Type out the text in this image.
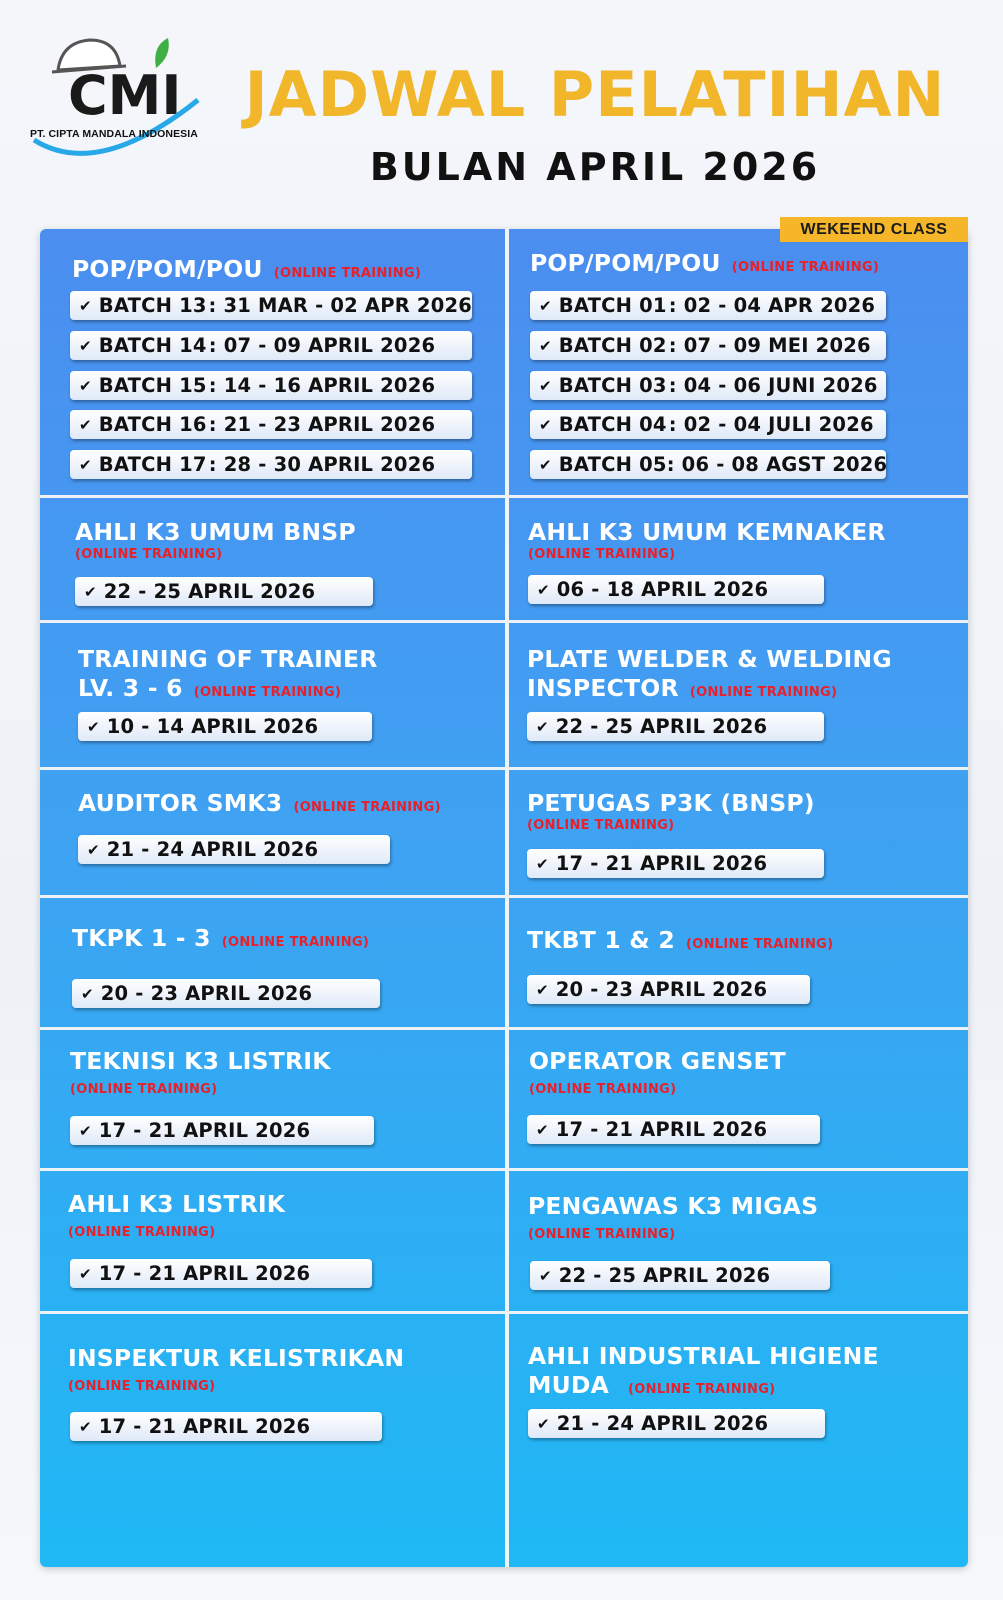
CMI
PT. CIPTA MANDALA INDONESIA
JADWAL PELATIHAN
BULAN APRIL 2026
WEKEEND CLASS
POP/POM/POU (ONLINE TRAINING)
✔ BATCH 13 : 31 MAR - 02 APR 2026
✔ BATCH 14 : 07 - 09 APRIL 2026
✔ BATCH 15 : 14 - 16 APRIL 2026
✔ BATCH 16 : 21 - 23 APRIL 2026
✔ BATCH 17 : 28 - 30 APRIL 2026
POP/POM/POU (ONLINE TRAINING)
✔ BATCH 01 : 02 - 04 APR 2026
✔ BATCH 02 : 07 - 09 MEI 2026
✔ BATCH 03 : 04 - 06 JUNI 2026
✔ BATCH 04 : 02 - 04 JULI 2026
✔ BATCH 05 : 06 - 08 AGST 2026
AHLI K3 UMUM BNSP
(ONLINE TRAINING)
✔ 22 - 25 APRIL 2026
AHLI K3 UMUM KEMNAKER
(ONLINE TRAINING)
✔ 06 - 18 APRIL 2026
TRAINING OF TRAINER
LV. 3 - 6 (ONLINE TRAINING)
✔ 10 - 14 APRIL 2026
PLATE WELDER & WELDING
INSPECTOR (ONLINE TRAINING)
✔ 22 - 25 APRIL 2026
AUDITOR SMK3 (ONLINE TRAINING)
✔ 21 - 24 APRIL 2026
PETUGAS P3K (BNSP)
(ONLINE TRAINING)
✔ 17 - 21 APRIL 2026
TKPK 1 - 3 (ONLINE TRAINING)
✔ 20 - 23 APRIL 2026
TKBT 1 & 2 (ONLINE TRAINING)
✔ 20 - 23 APRIL 2026
TEKNISI K3 LISTRIK
(ONLINE TRAINING)
✔ 17 - 21 APRIL 2026
OPERATOR GENSET
(ONLINE TRAINING)
✔ 17 - 21 APRIL 2026
AHLI K3 LISTRIK
(ONLINE TRAINING)
✔ 17 - 21 APRIL 2026
PENGAWAS K3 MIGAS
(ONLINE TRAINING)
✔ 22 - 25 APRIL 2026
INSPEKTUR KELISTRIKAN
(ONLINE TRAINING)
✔ 17 - 21 APRIL 2026
AHLI INDUSTRIAL HIGIENE
MUDA (ONLINE TRAINING)
✔ 21 - 24 APRIL 2026
